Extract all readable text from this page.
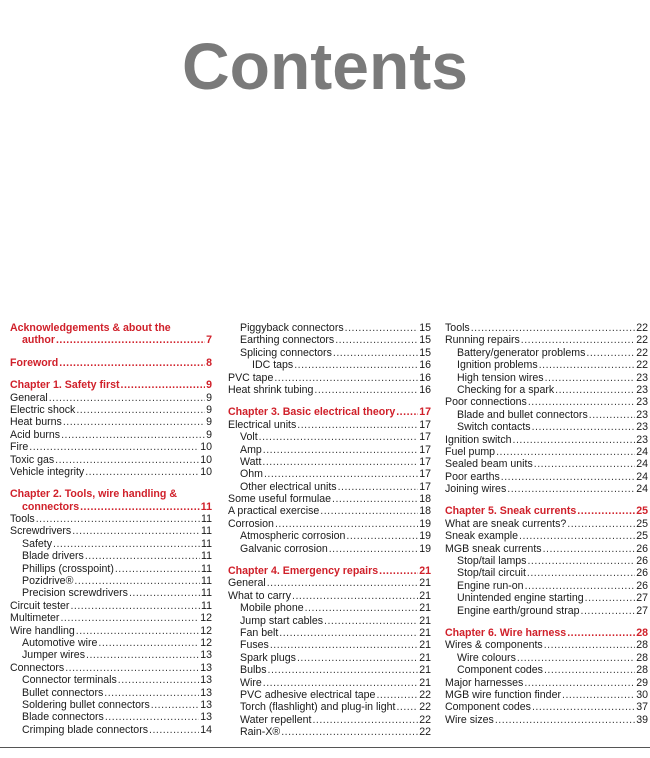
Contents
Acknowledgements & about the
author .....	7
Foreword .....	8
Chapter 1. Safety first .....	9
General .....	9
Electric shock .....	9
Heat burns .....	9
Acid burns .....	9
Fire .....	10
Toxic gas .....	10
Vehicle integrity .....	10
Chapter 2. Tools, wire handling &
connectors .....	11
Tools .....	11
Screwdrivers .....	11
Safety .....	11
Blade drivers .....	11
Phillips (crosspoint) .....	11
Pozidrive® .....	11
Precision screwdrivers .....	11
Circuit tester .....	11
Multimeter .....	12
Wire handling .....	12
Automotive wire .....	12
Jumper wires .....	13
Connectors .....	13
Connector terminals .....	13
Bullet connectors .....	13
Soldering bullet connectors .....	13
Blade connectors .....	13
Crimping blade connectors .....	14
Piggyback connectors .....	15
Earthing connectors .....	15
Splicing connectors .....	15
IDC taps .....	16
PVC tape .....	16
Heat shrink tubing .....	16
Chapter 3. Basic electrical theory ..... 17
Electrical units .....	17
Volt .....	17
Amp .....	17
Watt .....	17
Ohm .....	17
Other electrical units .....	17
Some useful formulae .....	18
A practical exercise .....	18
Corrosion .....	19
Atmospheric corrosion .....	19
Galvanic corrosion .....	19
Chapter 4. Emergency repairs .....	21
General .....	21
What to carry .....	21
Mobile phone .....	21
Jump start cables .....	21
Fan belt .....	21
Fuses .....	21
Spark plugs .....	21
Bulbs .....	21
Wire .....	21
PVC adhesive electrical tape .....	22
Torch (flashlight) and plug-in light ..... 22
Water repellent .....	22
Rain-X® .....	22
Tools .....	22
Running repairs .....	22
Battery/generator problems .....	22
Ignition problems .....	22
High tension wires .....	23
Checking for a spark .....	23
Poor connections .....	23
Blade and bullet connectors .....	23
Switch contacts .....	23
Ignition switch .....	23
Fuel pump .....	24
Sealed beam units .....	24
Poor earths .....	24
Joining wires .....	24
Chapter 5. Sneak currents .....	25
What are sneak currents? .....	25
Sneak example .....	25
MGB sneak currents .....	26
Stop/tail lamps .....	26
Stop/tail circuit .....	26
Engine run-on .....	26
Unintended engine starting .....	27
Engine earth/ground strap .....	27
Chapter 6. Wire harness .....	28
Wires & components .....	28
Wire colours .....	28
Component codes .....	28
Major harnesses .....	29
MGB wire function finder .....	30
Component codes .....	37
Wire sizes .....	39
